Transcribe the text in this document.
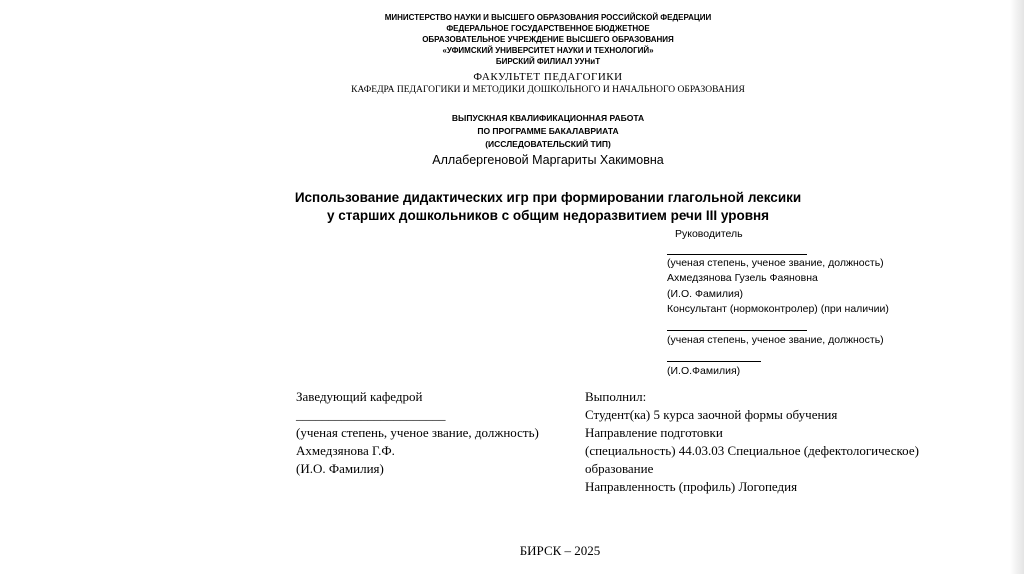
МИНИСТЕРСТВО НАУКИ И ВЫСШЕГО ОБРАЗОВАНИЯ РОССИЙСКОЙ ФЕДЕРАЦИИ
ФЕДЕРАЛЬНОЕ ГОСУДАРСТВЕННОЕ БЮДЖЕТНОЕ
ОБРАЗОВАТЕЛЬНОЕ УЧРЕЖДЕНИЕ ВЫСШЕГО ОБРАЗОВАНИЯ
«УФИМСКИЙ УНИВЕРСИТЕТ НАУКИ И ТЕХНОЛОГИЙ»
БИРСКИЙ ФИЛИАЛ УУНиТ
ФАКУЛЬТЕТ ПЕДАГОГИКИ
КАФЕДРА ПЕДАГОГИКИ И МЕТОДИКИ ДОШКОЛЬНОГО И НАЧАЛЬНОГО ОБРАЗОВАНИЯ
ВЫПУСКНАЯ КВАЛИФИКАЦИОННАЯ РАБОТА
ПО ПРОГРАММЕ БАКАЛАВРИАТА
(ИССЛЕДОВАТЕЛЬСКИЙ ТИП)
Аллабергеновой Маргариты Хакимовна
Использование дидактических игр при формировании глагольной лексики
у старших дошкольников с общим недоразвитием речи III уровня
Руководитель
(ученая степень, ученое звание, должность)
Ахмедзянова Гузель Фаяновна
(И.О. Фамилия)
Консультант (нормоконтролер) (при наличии)
(ученая степень, ученое звание, должность)
(И.О.Фамилия)
Заведующий кафедрой
_______________________
(ученая степень, ученое звание, должность)
Ахмедзянова Г.Ф.
(И.О. Фамилия)
Выполнил:
Студент(ка) 5 курса заочной формы обучения
Направление подготовки
(специальность) 44.03.03 Специальное (дефектологическое)
образование
Направленность (профиль) Логопедия
БИРСК – 2025
